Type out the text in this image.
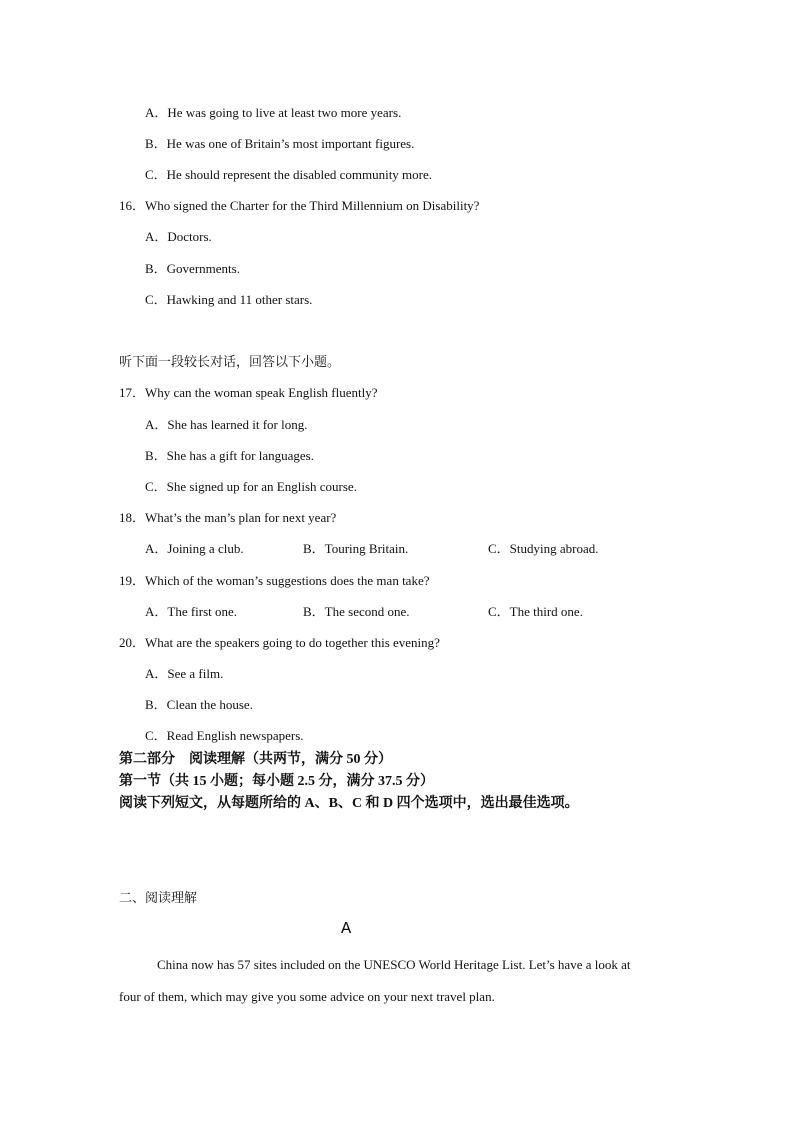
A．He was going to live at least two more years.
B．He was one of Britain’s most important figures.
C．He should represent the disabled community more.
16．Who signed the Charter for the Third Millennium on Disability?
A．Doctors.
B．Governments.
C．Hawking and 11 other stars.
听下面一段较长对话，回答以下小题。
17．Why can the woman speak English fluently?
A．She has learned it for long.
B．She has a gift for languages.
C．She signed up for an English course.
18．What’s the man’s plan for next year?
A．Joining a club.	B．Touring Britain.	C．Studying abroad.
19．Which of the woman’s suggestions does the man take?
A．The first one.	B．The second one.	C．The third one.
20．What are the speakers going to do together this evening?
A．See a film.
B．Clean the house.
C．Read English newspapers.
第二部分　阅读理解（共两节，满分 50 分）
第一节（共 15 小题；每小题 2.5 分，满分 37.5 分）
阅读下列短文，从每题所给的 A、B、C 和 D 四个选项中，选出最佳选项。
二、阅读理解
A
China now has 57 sites included on the UNESCO World Heritage List. Let’s have a look at
four of them, which may give you some advice on your next travel plan.
